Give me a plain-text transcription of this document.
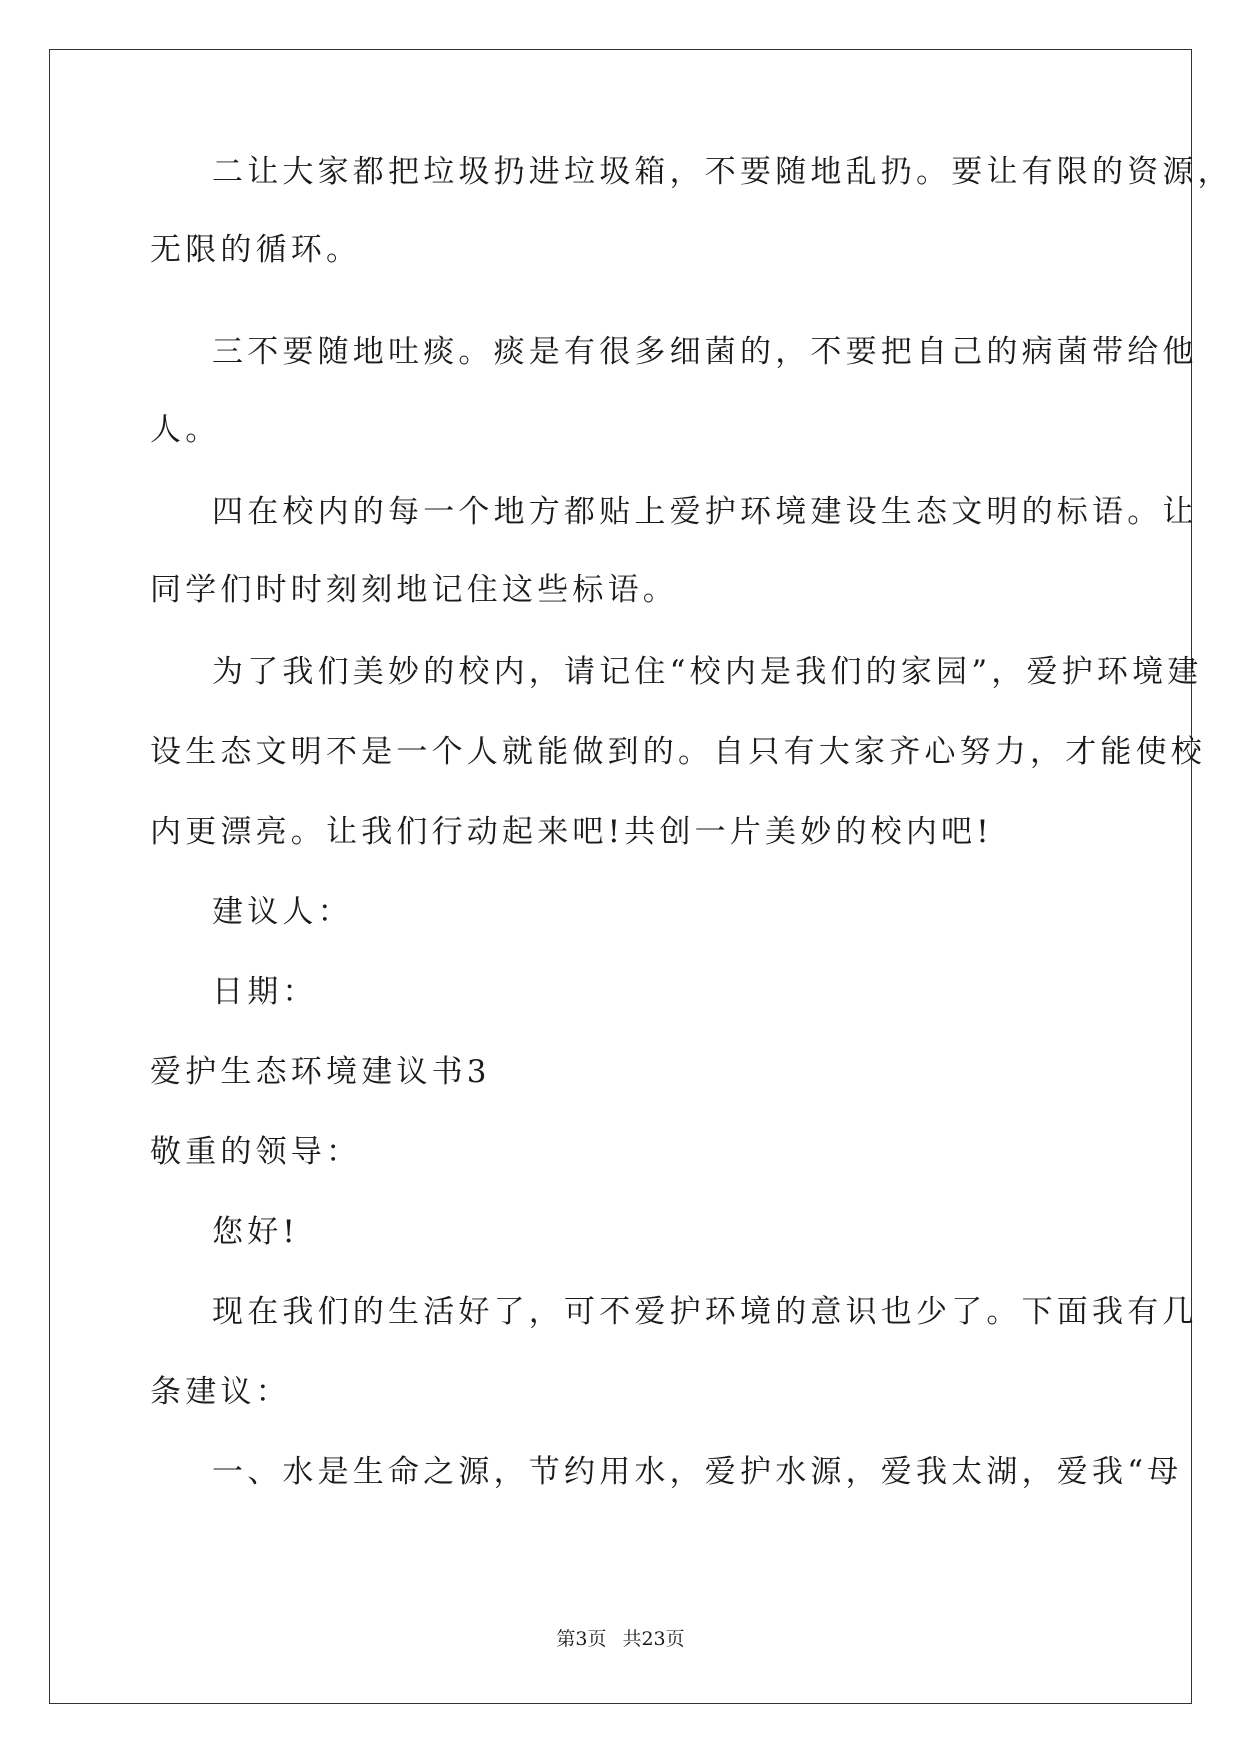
二让大家都把垃圾扔进垃圾箱，不要随地乱扔。要让有限的资源，
无限的循环。
三不要随地吐痰。痰是有很多细菌的，不要把自己的病菌带给他
人。
四在校内的每一个地方都贴上爱护环境建设生态文明的标语。让
同学们时时刻刻地记住这些标语。
为了我们美妙的校内，请记住“校内是我们的家园”，爱护环境建
设生态文明不是一个人就能做到的。自只有大家齐心努力，才能使校
内更漂亮。让我们行动起来吧!共创一片美妙的校内吧!
建议人：
日期：
爱护生态环境建议书3
敬重的领导：
您好!
现在我们的生活好了，可不爱护环境的意识也少了。下面我有几
条建议：
一、水是生命之源，节约用水，爱护水源，爱我太湖，爱我“母
第3页 共23页
